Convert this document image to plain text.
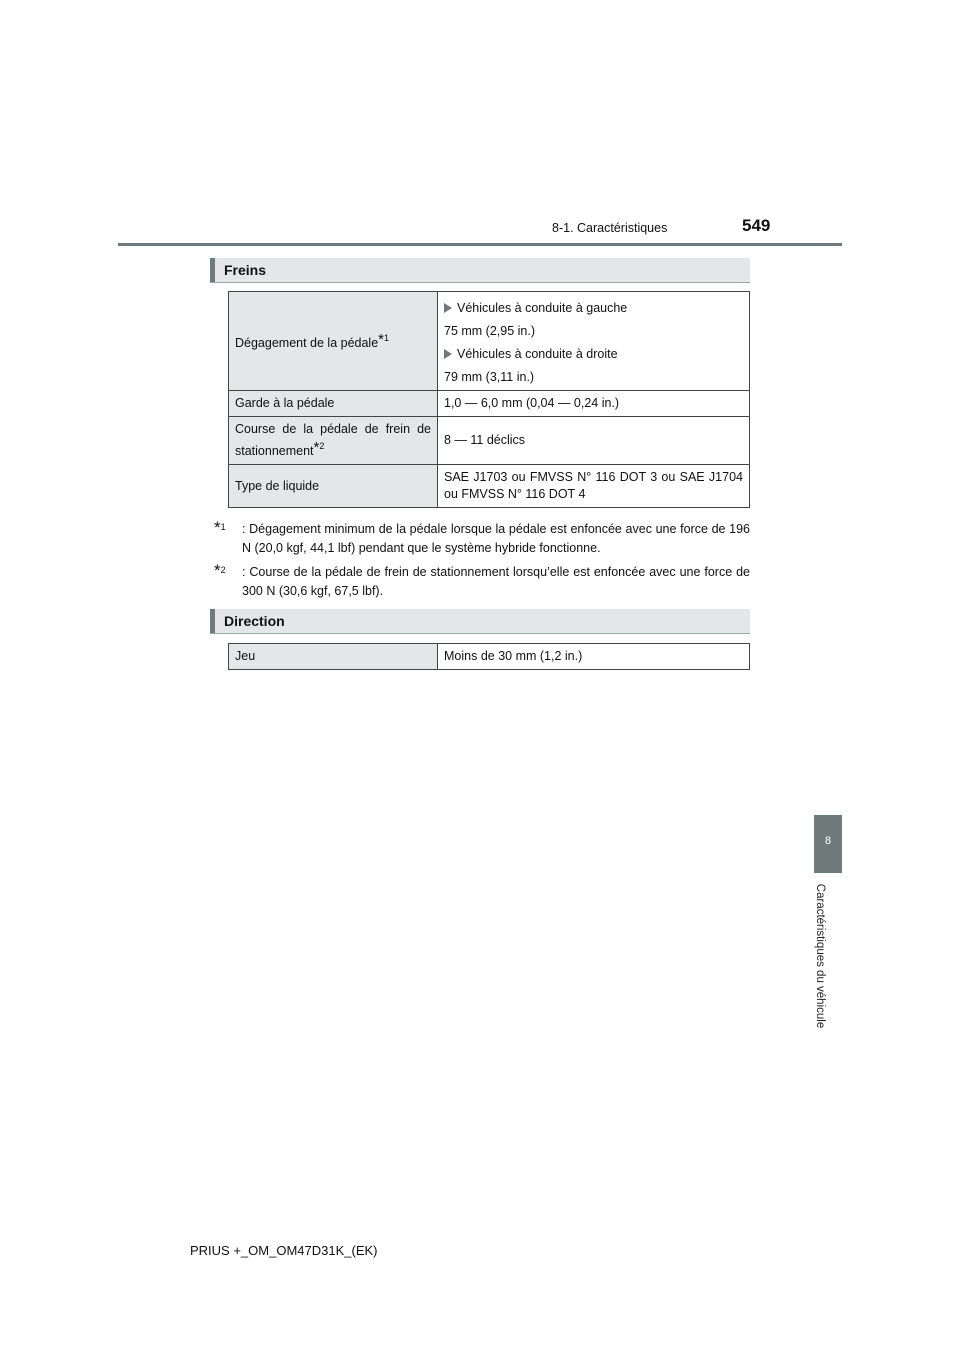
8-1. Caractéristiques	549
Freins
Dégagement de la pédale*$^1$	Véhicules à conduite à gauche
75 mm (2,95 in.)
Véhicules à conduite à droite
79 mm (3,11 in.)

Garde à la pédale	1,0 — 6,0 mm (0,04 — 0,24 in.)
Course de la pédale de frein de stationnement*$^2$	8 — 11 déclics
Type de liquide	SAE J1703 ou FMVSS N° 116 DOT 3 ou SAE J1704 ou FMVSS N° 116 DOT 4
*$^1$ : Dégagement minimum de la pédale lorsque la pédale est enfoncée avec une force de 196 N (20,0 kgf, 44,1 lbf) pendant que le système hybride fonctionne.
*$^2$ : Course de la pédale de frein de stationnement lorsqu’elle est enfoncée avec une force de 300 N (30,6 kgf, 67,5 lbf).
Direction
Jeu	Moins de 30 mm (1,2 in.)
8
Caractéristiques du véhicule
PRIUS +_OM_OM47D31K_(EK)
